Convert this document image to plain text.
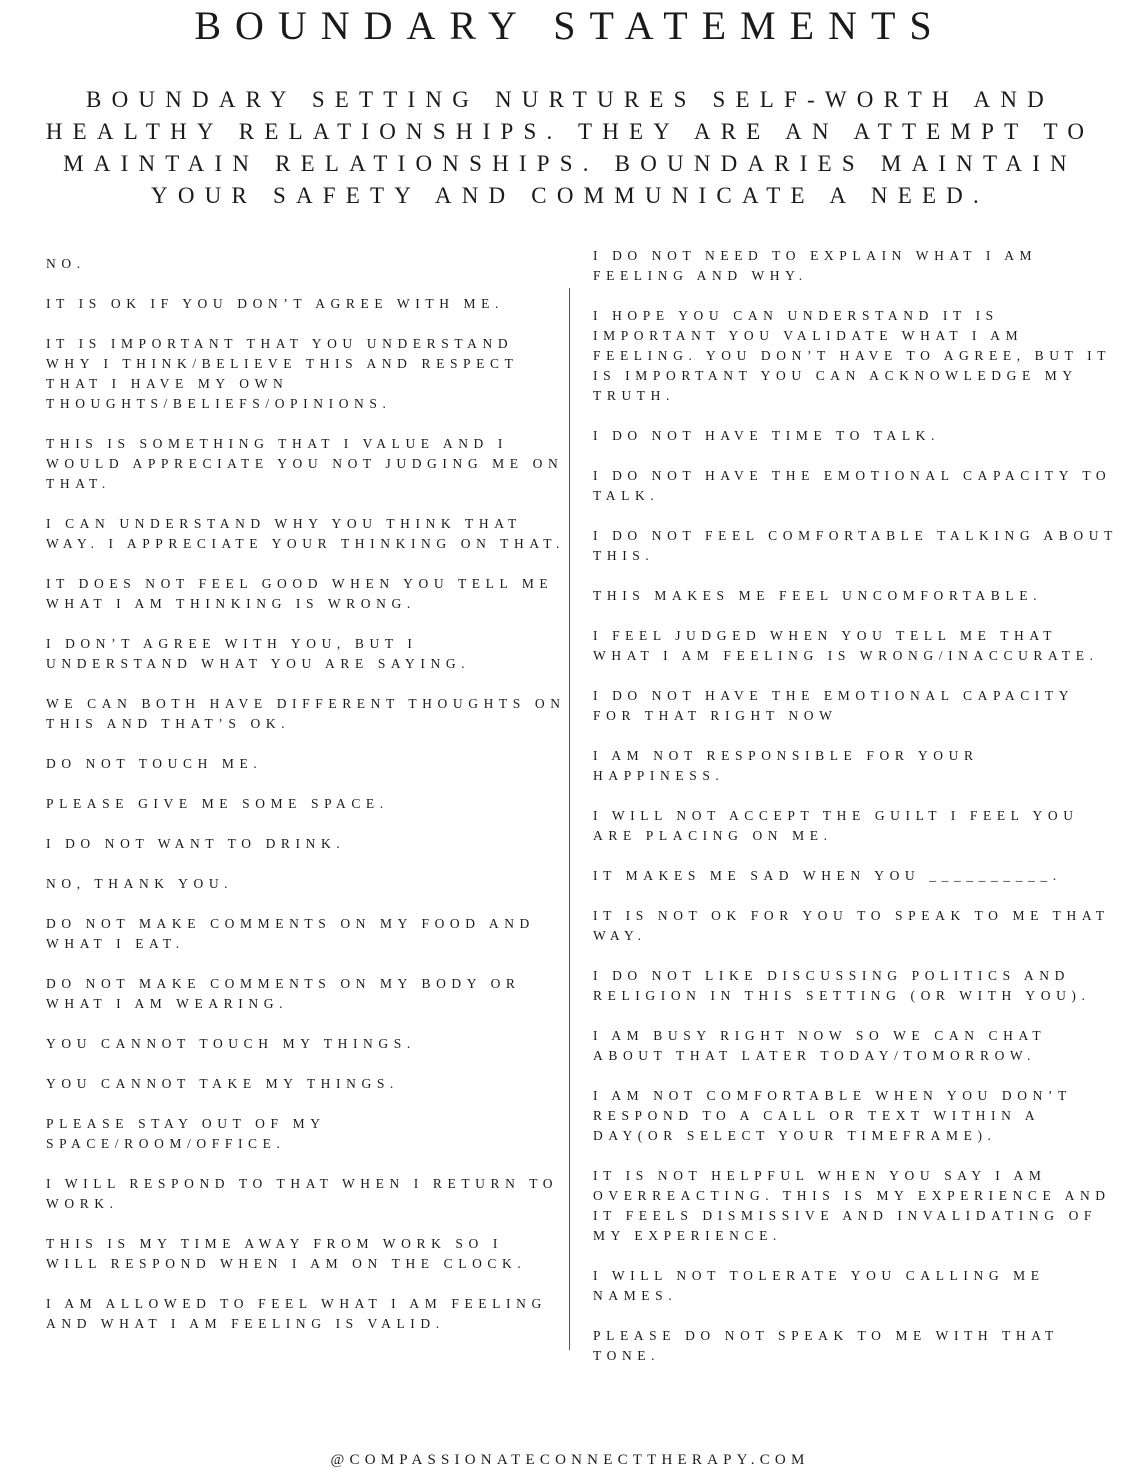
BOUNDARY STATEMENTS

BOUNDARY SETTING NURTURES SELF-WORTH AND HEALTHY RELATIONSHIPS. THEY ARE AN ATTEMPT TO MAINTAIN RELATIONSHIPS. BOUNDARIES MAINTAIN YOUR SAFETY AND COMMUNICATE A NEED.

NO.
IT IS OK IF YOU DON’T AGREE WITH ME.
IT IS IMPORTANT THAT YOU UNDERSTAND WHY I THINK/BELIEVE THIS AND RESPECT THAT I HAVE MY OWN THOUGHTS/BELIEFS/OPINIONS.
THIS IS SOMETHING THAT I VALUE AND I WOULD APPRECIATE YOU NOT JUDGING ME ON THAT.
I CAN UNDERSTAND WHY YOU THINK THAT WAY. I APPRECIATE YOUR THINKING ON THAT.
IT DOES NOT FEEL GOOD WHEN YOU TELL ME WHAT I AM THINKING IS WRONG.
I DON’T AGREE WITH YOU, BUT I UNDERSTAND WHAT YOU ARE SAYING.
WE CAN BOTH HAVE DIFFERENT THOUGHTS ON THIS AND THAT’S OK.
DO NOT TOUCH ME.
PLEASE GIVE ME SOME SPACE.
I DO NOT WANT TO DRINK.
NO, THANK YOU.
DO NOT MAKE COMMENTS ON MY FOOD AND WHAT I EAT.
DO NOT MAKE COMMENTS ON MY BODY OR WHAT I AM WEARING.
YOU CANNOT TOUCH MY THINGS.
YOU CANNOT TAKE MY THINGS.
PLEASE STAY OUT OF MY SPACE/ROOM/OFFICE.
I WILL RESPOND TO THAT WHEN I RETURN TO WORK.
THIS IS MY TIME AWAY FROM WORK SO I WILL RESPOND WHEN I AM ON THE CLOCK.
I AM ALLOWED TO FEEL WHAT I AM FEELING AND WHAT I AM FEELING IS VALID.
I DO NOT NEED TO EXPLAIN WHAT I AM FEELING AND WHY.
I HOPE YOU CAN UNDERSTAND IT IS IMPORTANT YOU VALIDATE WHAT I AM FEELING. YOU DON’T HAVE TO AGREE, BUT IT IS IMPORTANT YOU CAN ACKNOWLEDGE MY TRUTH.
I DO NOT HAVE TIME TO TALK.
I DO NOT HAVE THE EMOTIONAL CAPACITY TO TALK.
I DO NOT FEEL COMFORTABLE TALKING ABOUT THIS.
THIS MAKES ME FEEL UNCOMFORTABLE.
I FEEL JUDGED WHEN YOU TELL ME THAT WHAT I AM FEELING IS WRONG/INACCURATE.
I DO NOT HAVE THE EMOTIONAL CAPACITY FOR THAT RIGHT NOW
I AM NOT RESPONSIBLE FOR YOUR HAPPINESS.
I WILL NOT ACCEPT THE GUILT I FEEL YOU ARE PLACING ON ME.
IT MAKES ME SAD WHEN YOU __________.
IT IS NOT OK FOR YOU TO SPEAK TO ME THAT WAY.
I DO NOT LIKE DISCUSSING POLITICS AND RELIGION IN THIS SETTING (OR WITH YOU).
I AM BUSY RIGHT NOW SO WE CAN CHAT ABOUT THAT LATER TODAY/TOMORROW.
I AM NOT COMFORTABLE WHEN YOU DON’T RESPOND TO A CALL OR TEXT WITHIN A DAY(OR SELECT YOUR TIMEFRAME).
IT IS NOT HELPFUL WHEN YOU SAY I AM OVERREACTING. THIS IS MY EXPERIENCE AND IT FEELS DISMISSIVE AND INVALIDATING OF MY EXPERIENCE.
I WILL NOT TOLERATE YOU CALLING ME NAMES.
PLEASE DO NOT SPEAK TO ME WITH THAT TONE.
@COMPASSIONATECONNECTTHERAPY.COM
